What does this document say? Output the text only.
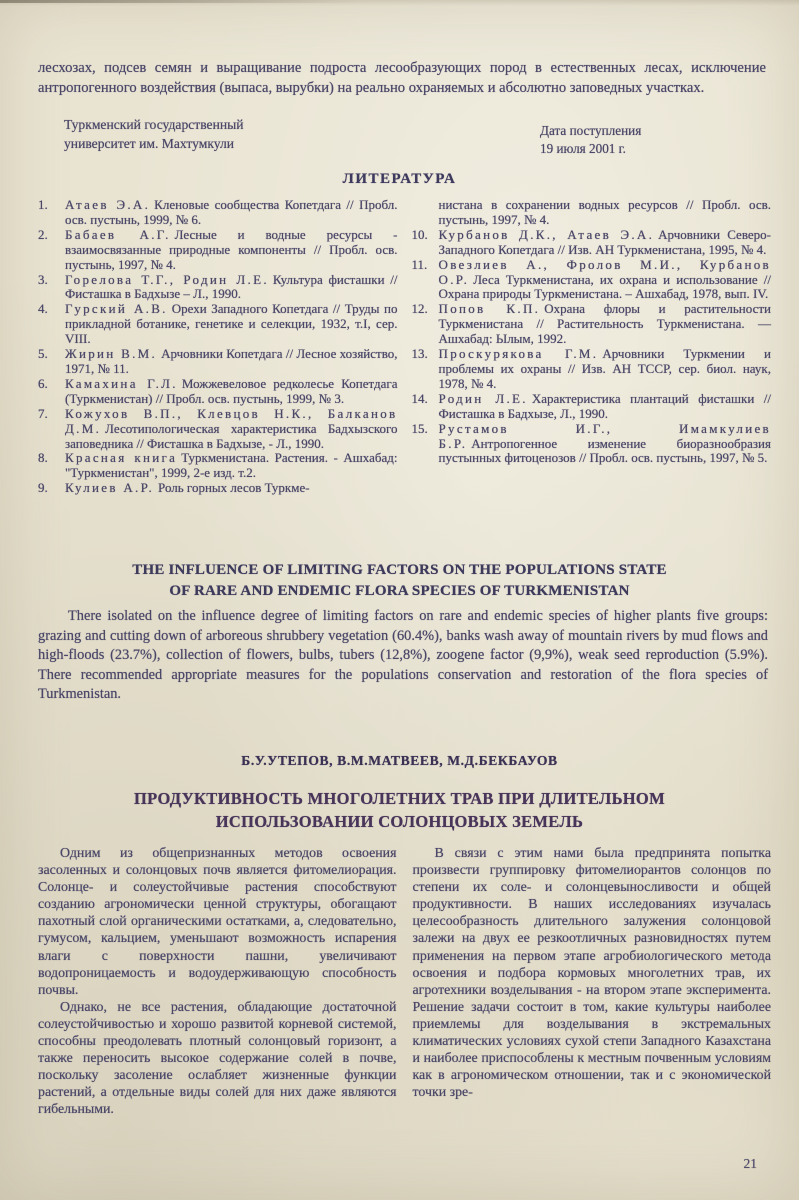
лесхозах, подсев семян и выращивание подроста лесообразующих пород в естественных лесах, исключение антропогенного воздействия (выпаса, вырубки) на реально охраняемых и абсолютно заповедных участках.
Туркменский государственный
университет им. Махтумкули
Дата поступления
19 июля 2001 г.
ЛИТЕРАТУРА
1.	Атаев Э.А. Кленовые сообщества Копетдага // Пробл. осв. пустынь, 1999, № 6.
2.	Бабаев А.Г. Лесные и водные ресурсы - взаимосвязанные природные компоненты // Пробл. осв. пустынь, 1997, № 4.
3.	Горелова Т.Г., Родин Л.Е. Культура фисташки // Фисташка в Бадхызе – Л., 1990.
4.	Гурский А.В. Орехи Западного Копетдага // Труды по прикладной ботанике, генетике и селекции, 1932, т.I, сер. VIII.
5.	Жирин В.М. Арчовники Копетдага // Лесное хозяйство, 1971, № 11.
6.	Камахина Г.Л. Можжевеловое редколесье Копетдага (Туркменистан) // Пробл. осв. пустынь, 1999, № 3.
7.	Кожухов В.П., Клевцов Н.К., Балканов Д.М. Лесотипологическая характеристика Бадхызского заповедника // Фисташка в Бадхызе, - Л., 1990.
8.	Красная книга Туркменистана. Растения. - Ашхабад: "Туркменистан", 1999, 2-е изд. т.2.
9.	Кулиев А.Р. Роль горных лесов Туркме-
нистана в сохранении водных ресурсов // Пробл. осв. пустынь, 1997, № 4.
10. Курбанов Д.К., Атаев Э.А. Арчовники Северо-Западного Копетдага // Изв. АН Туркменистана, 1995, № 4.
11. Овезлиев А., Фролов М.И., Курбанов О.Р. Леса Туркменистана, их охрана и использование // Охрана природы Туркменистана. – Ашхабад, 1978, вып. IV.
12. Попов К.П. Охрана флоры и растительности Туркменистана // Растительность Туркменистана. — Ашхабад: Ылым, 1992.
13. Проскурякова Г.М. Арчовники Туркмении и проблемы их охраны // Изв. АН ТССР, сер. биол. наук, 1978, № 4.
14. Родин Л.Е. Характеристика плантаций фисташки // Фисташка в Бадхызе, Л., 1990.
15. Рустамов И.Г., Имамкулиев Б.Р. Антропогенное изменение биоразнообразия пустынных фитоценозов // Пробл. осв. пустынь, 1997, № 5.
THE INFLUENCE OF LIMITING FACTORS ON THE POPULATIONS STATE
OF RARE AND ENDEMIC FLORA SPECIES OF TURKMENISTAN
There isolated on the influence degree of limiting factors on rare and endemic species of higher plants five groups: grazing and cutting down of arboreous shrubbery vegetation (60.4%), banks wash away of mountain rivers by mud flows and high-floods (23.7%), collection of flowers, bulbs, tubers (12,8%), zoogene factor (9,9%), weak seed reproduction (5.9%). There recommended appropriate measures for the populations conservation and restoration of the flora species of Turkmenistan.
Б.У.УТЕПОВ, В.М.МАТВЕЕВ, М.Д.БЕКБАУОВ
ПРОДУКТИВНОСТЬ МНОГОЛЕТНИХ ТРАВ ПРИ ДЛИТЕЛЬНОМ
ИСПОЛЬЗОВАНИИ СОЛОНЦОВЫХ ЗЕМЕЛЬ

Одним из общепризнанных методов освоения засоленных и солонцовых почв является фитомелиорация. Солонце- и солеустойчивые растения способствуют созданию агрономически ценной структуры, обогащают пахотный слой органическими остатками, а, следовательно, гумусом, кальцием, уменьшают возможность испарения влаги с поверхности пашни, увеличивают водопроницаемость и водоудерживающую способность почвы.

Однако, не все растения, обладающие достаточной солеустойчивостью и хорошо развитой корневой системой, способны преодолевать плотный солонцовый горизонт, а также переносить высокое содержание солей в почве, поскольку засоление ослабляет жизненные функции растений, а отдельные виды солей для них даже являются гибельными.

В связи с этим нами была предпринята попытка произвести группировку фитомелиорантов солонцов по степени их соле- и солонцевыносливости и общей продуктивности. В наших исследованиях изучалась целесообразность длительного залужения солонцовой залежи на двух ее резкоотличных разновидностях путем применения на первом этапе агробиологического метода освоения и подбора кормовых многолетних трав, их агротехники возделывания - на втором этапе эксперимента. Решение задачи состоит в том, какие культуры наиболее приемлемы для возделывания в экстремальных климатических условиях сухой степи Западного Казахстана и наиболее приспособлены к местным почвенным условиям как в агрономическом отношении, так и с экономической точки зре-

21
